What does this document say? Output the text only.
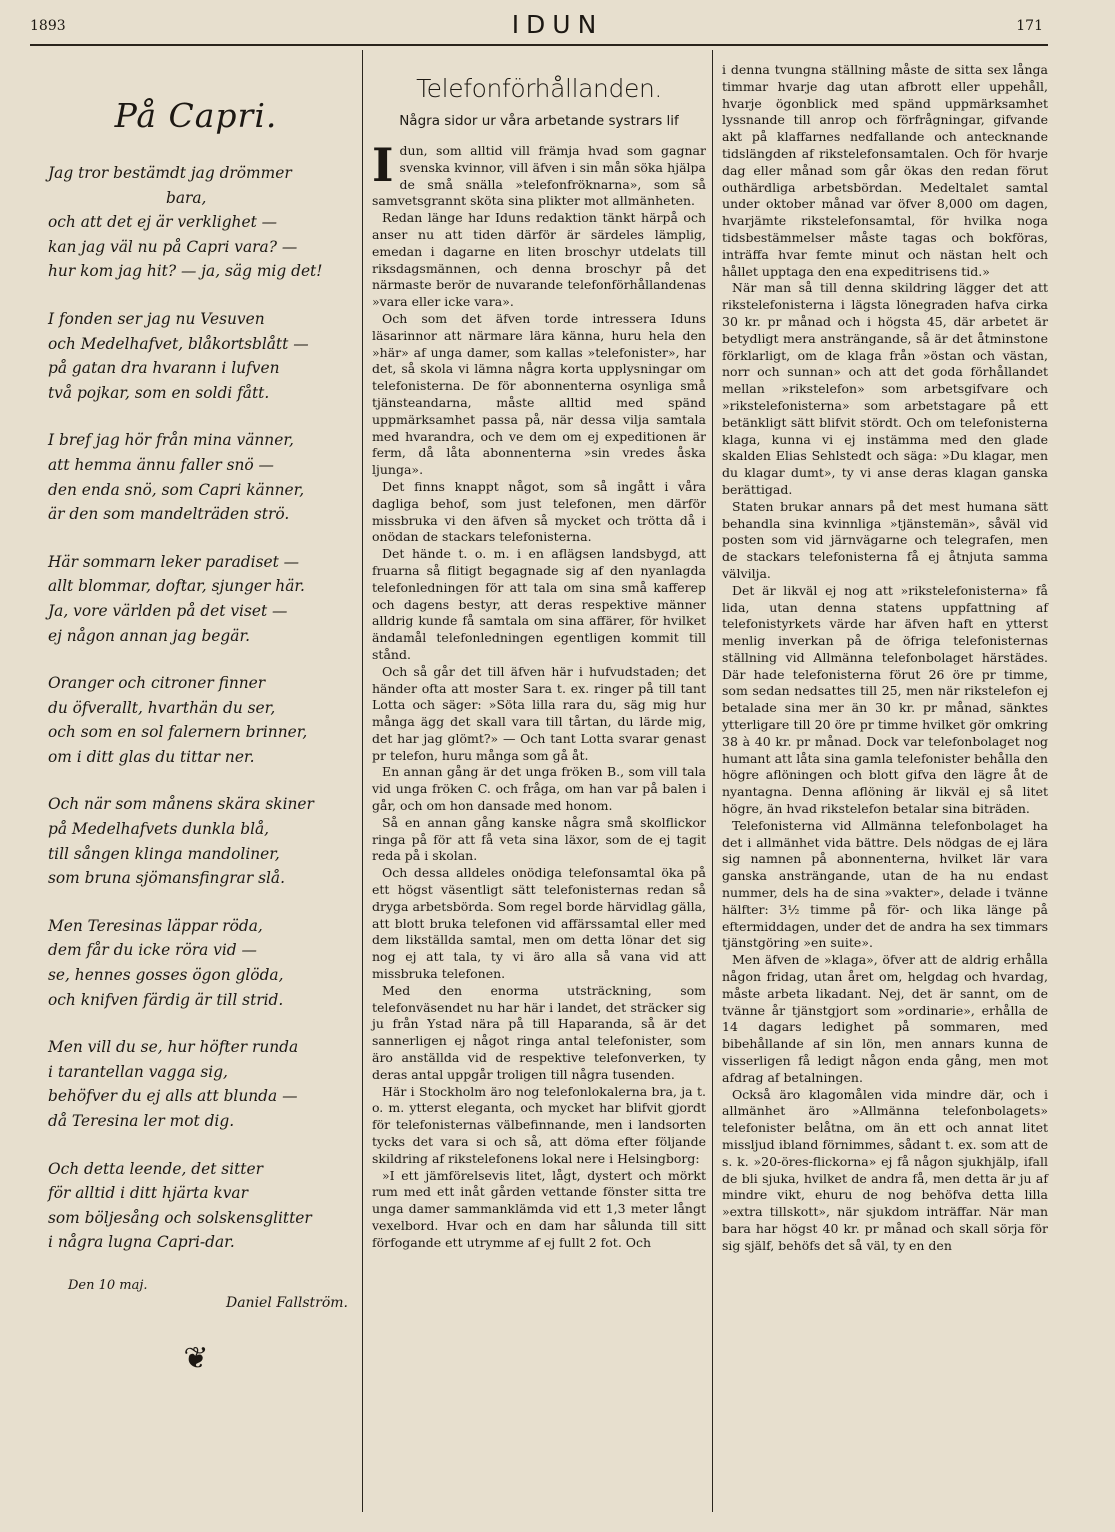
1893	IDUN	171
På Capri.
Jag tror bestämdt jag drömmer
bara,
och att det ej är verklighet —
kan jag väl nu på Capri vara? —
hur kom jag hit? — ja, säg mig det!
I fonden ser jag nu Vesuven
och Medelhafvet, blåkortsblått —
på gatan dra hvarann i lufven
två pojkar, som en soldi fått.
I bref jag hör från mina vänner,
att hemma ännu faller snö —
den enda snö, som Capri känner,
är den som mandelträden strö.
Här sommarn leker paradiset —
allt blommar, doftar, sjunger här.
Ja, vore världen på det viset —
ej någon annan jag begär.
Oranger och citroner finner
du öfverallt, hvarthän du ser,
och som en sol falernern brinner,
om i ditt glas du tittar ner.
Och när som månens skära skiner
på Medelhafvets dunkla blå,
till sången klinga mandoliner,
som bruna sjömansfingrar slå.
Men Teresinas läppar röda,
dem får du icke röra vid —
se, hennes gosses ögon glöda,
och knifven färdig är till strid.
Men vill du se, hur höfter runda
i tarantellan vagga sig,
behöfver du ej alls att blunda —
då Teresina ler mot dig.
Och detta leende, det sitter
för alltid i ditt hjärta kvar
som böljesång och solskensglitter
i några lugna Capri-dar.
Den 10 maj.
Daniel Fallström.
❦
Telefonförhållanden.
Några sidor ur våra arbetande systrars lif

Idun, som alltid vill främja hvad som gagnar svenska kvinnor, vill äfven i sin mån söka hjälpa de små snälla »telefonfröknarna», som så samvetsgrannt sköta sina plikter mot allmänheten.

Redan länge har Iduns redaktion tänkt härpå och anser nu att tiden därför är särdeles lämplig, emedan i dagarne en liten broschyr utdelats till riksdagsmännen, och denna broschyr på det närmaste berör de nuvarande telefonförhållandenas »vara eller icke vara».

Och som det äfven torde intressera Iduns läsarinnor att närmare lära känna, huru hela den »här» af unga damer, som kallas »telefonister», har det, så skola vi lämna några korta upplysningar om telefonisterna. De för abonnenterna osynliga små tjänsteandarna, måste alltid med spänd uppmärksamhet passa på, när dessa vilja samtala med hvarandra, och ve dem om ej expeditionen är ferm, då låta abonnenterna »sin vredes åska ljunga».

Det finns knappt något, som så ingått i våra dagliga behof, som just telefonen, men därför missbruka vi den äfven så mycket och trötta då i onödan de stackars telefonisterna.

Det hände t. o. m. i en aflägsen landsbygd, att fruarna så flitigt begagnade sig af den nyanlagda telefonledningen för att tala om sina små kafferep och dagens bestyr, att deras respektive männer alldrig kunde få samtala om sina affärer, för hvilket ändamål telefonledningen egentligen kommit till stånd.

Och så går det till äfven här i hufvudstaden; det händer ofta att moster Sara t. ex. ringer på till tant Lotta och säger: »Söta lilla rara du, säg mig hur många ägg det skall vara till tårtan, du lärde mig, det har jag glömt?» — Och tant Lotta svarar genast pr telefon, huru många som gå åt.

En annan gång är det unga fröken B., som vill tala vid unga fröken C. och fråga, om han var på balen i går, och om hon dansade med honom.

Så en annan gång kanske några små skolflickor ringa på för att få veta sina läxor, som de ej tagit reda på i skolan.

Och dessa alldeles onödiga telefonsamtal öka på ett högst väsentligt sätt telefonisternas redan så dryga arbetsbörda. Som regel borde härvidlag gälla, att blott bruka telefonen vid affärssamtal eller med dem likställda samtal, men om detta lönar det sig nog ej att tala, ty vi äro alla så vana vid att missbruka telefonen.

Med den enorma utsträckning, som telefonväsendet nu har här i landet, det sträcker sig ju från Ystad nära på till Haparanda, så är det sannerligen ej något ringa antal telefonister, som äro anställda vid de respektive telefonverken, ty deras antal uppgår troligen till några tusenden.

Här i Stockholm äro nog telefonlokalerna bra, ja t. o. m. ytterst eleganta, och mycket har blifvit gjordt för telefonisternas välbefinnande, men i landsorten tycks det vara si och så, att döma efter följande skildring af rikstelefonens lokal nere i Helsingborg:

»I ett jämförelsevis litet, lågt, dystert och mörkt rum med ett inåt gården vettande fönster sitta tre unga damer sammanklämda vid ett 1,3 meter långt vexelbord. Hvar och en dam har sålunda till sitt förfogande ett utrymme af ej fullt 2 fot. Och

i denna tvungna ställning måste de sitta sex långa timmar hvarje dag utan afbrott eller uppehåll, hvarje ögonblick med spänd uppmärksamhet lyssnande till anrop och förfrågningar, gifvande akt på klaffarnes nedfallande och antecknande tidslängden af rikstelefonsamtalen. Och för hvarje dag eller månad som går ökas den redan förut outhärdliga arbetsbördan. Medeltalet samtal under oktober månad var öfver 8,000 om dagen, hvarjämte rikstelefonsamtal, för hvilka noga tidsbestämmelser måste tagas och bokföras, inträffa hvar femte minut och nästan helt och hållet upptaga den ena expeditrisens tid.»

När man så till denna skildring lägger det att rikstelefonisterna i lägsta lönegraden hafva cirka 30 kr. pr månad och i högsta 45, där arbetet är betydligt mera ansträngande, så är det åtminstone förklarligt, om de klaga från »östan och västan, norr och sunnan» och att det goda förhållandet mellan »rikstelefon» som arbetsgifvare och »rikstelefonisterna» som arbetstagare på ett betänkligt sätt blifvit stördt. Och om telefonisterna klaga, kunna vi ej instämma med den glade skalden Elias Sehlstedt och säga: »Du klagar, men du klagar dumt», ty vi anse deras klagan ganska berättigad.

Staten brukar annars på det mest humana sätt behandla sina kvinnliga »tjänstemän», såväl vid posten som vid järnvägarne och telegrafen, men de stackars telefonisterna få ej åtnjuta samma välvilja.

Det är likväl ej nog att »rikstelefonisterna» få lida, utan denna statens uppfattning af telefonistyrkets värde har äfven haft en ytterst menlig inverkan på de öfriga telefonisternas ställning vid Allmänna telefonbolaget härstädes. Där hade telefonisterna förut 26 öre pr timme, som sedan nedsattes till 25, men när rikstelefon ej betalade sina mer än 30 kr. pr månad, sänktes ytterligare till 20 öre pr timme hvilket gör omkring 38 à 40 kr. pr månad. Dock var telefonbolaget nog humant att låta sina gamla telefonister behålla den högre aflöningen och blott gifva den lägre åt de nyantagna. Denna aflöning är likväl ej så litet högre, än hvad rikstelefon betalar sina biträden.

Telefonisterna vid Allmänna telefonbolaget ha det i allmänhet vida bättre. Dels nödgas de ej lära sig namnen på abonnenterna, hvilket lär vara ganska ansträngande, utan de ha nu endast nummer, dels ha de sina »vakter», delade i tvänne hälfter: 3½ timme på för- och lika länge på eftermiddagen, under det de andra ha sex timmars tjänstgöring »en suite».

Men äfven de »klaga», öfver att de aldrig erhålla någon fridag, utan året om, helgdag och hvardag, måste arbeta likadant. Nej, det är sannt, om de tvänne år tjänstgjort som »ordinarie», erhålla de 14 dagars ledighet på sommaren, med bibehållande af sin lön, men annars kunna de visserligen få ledigt någon enda gång, men mot afdrag af betalningen.

Också äro klagomålen vida mindre där, och i allmänhet äro »Allmänna telefonbolagets» telefonister belåtna, om än ett och annat litet missljud ibland förnimmes, sådant t. ex. som att de s. k. »20-öres-flickorna» ej få någon sjukhjälp, ifall de bli sjuka, hvilket de andra få, men detta är ju af mindre vikt, ehuru de nog behöfva detta lilla »extra tillskott», när sjukdom inträffar. När man bara har högst 40 kr. pr månad och skall sörja för sig själf, behöfs det så väl, ty en den
